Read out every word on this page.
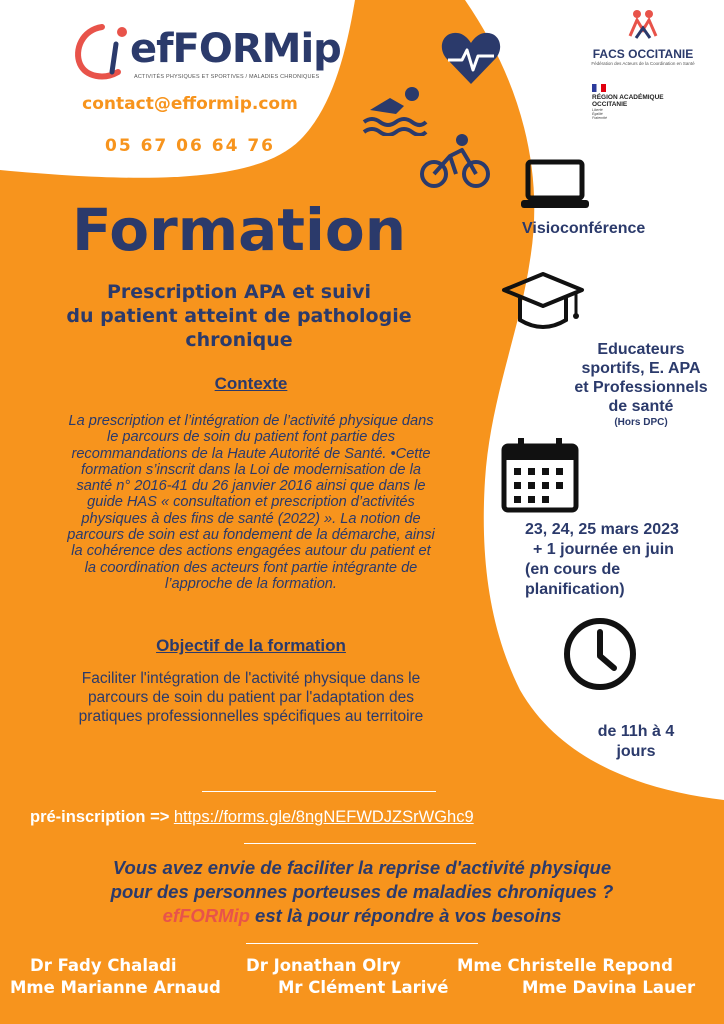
efFORMip
ACTIVITÉS PHYSIQUES ET SPORTIVES / MALADIES CHRONIQUES
contact@efformip.com
05 67 06 64 76
FACS OCCITANIE
Fédération des Acteurs de la Coordination en Santé
RÉGION ACADÉMIQUE
OCCITANIE
Liberté
Égalité
Fraternité
Formation
Prescription APA et suivi
du patient atteint de pathologie
chronique
Contexte
La prescription et l’intégration de l’activité physique dans
le parcours de soin du patient font partie des
recommandations de la Haute Autorité de Santé. •Cette
formation s’inscrit dans la Loi de modernisation de la
santé n° 2016-41 du 26 janvier 2016 ainsi que dans le
guide HAS « consultation et prescription d’activités
physiques à des fins de santé (2022) ». La notion de
parcours de soin est au fondement de la démarche, ainsi
la cohérence des actions engagées autour du patient et
la coordination des acteurs font partie intégrante de
l’approche de la formation.
Objectif de la formation
Faciliter l'intégration de l'activité physique dans le
parcours de soin du patient par l'adaptation des
pratiques professionnelles spécifiques au territoire
Visioconférence
Educateurs
sportifs, E. APA
et Professionnels
de santé
(Hors DPC)
23, 24, 25 mars 2023
+ 1 journée en juin
(en cours de
planification)
de 11h à 4
jours
pré-inscription => https://forms.gle/8ngNEFWDJZSrWGhc9
Vous avez envie de faciliter la reprise d'activité physique
pour des personnes porteuses de maladies chroniques ?
efFORMip est là pour répondre à vos besoins
Dr Fady Chaladi	Dr Jonathan Olry	Mme Christelle Repond
Mme Marianne Arnaud	Mr Clément Larivé	Mme Davina Lauer
